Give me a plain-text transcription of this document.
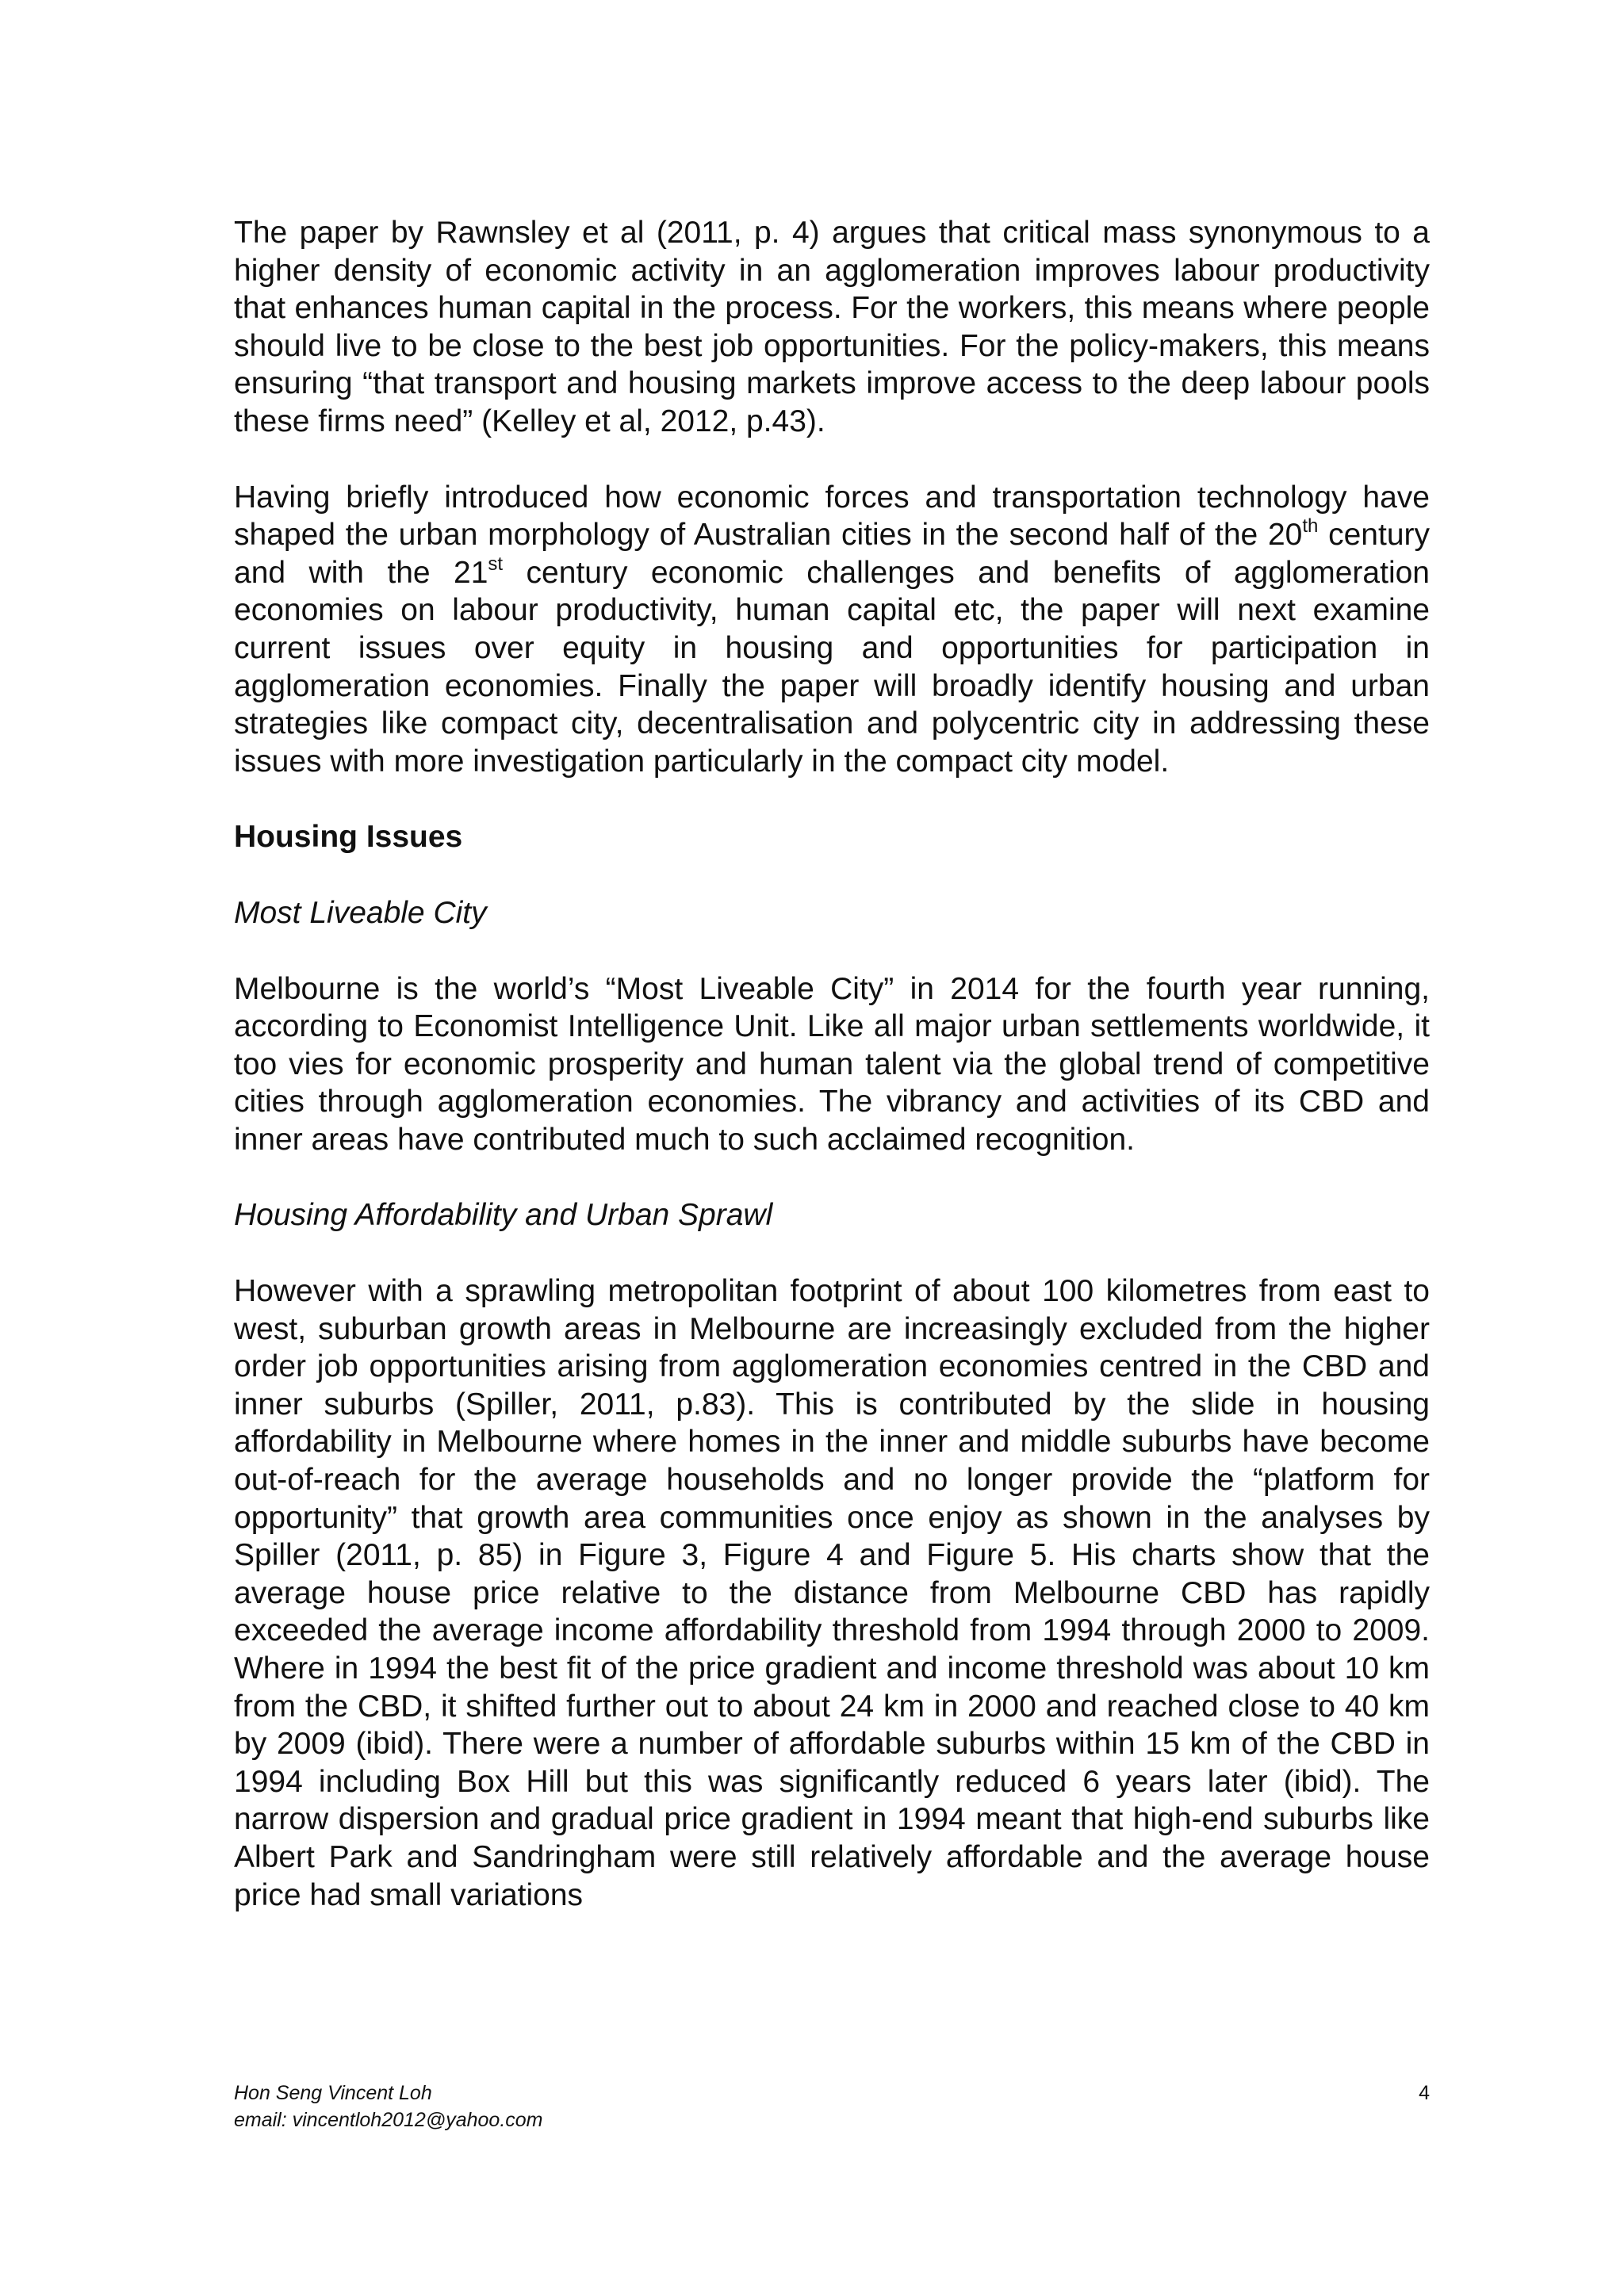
The paper by Rawnsley et al (2011, p. 4) argues that critical mass synonymous to a higher density of economic activity in an agglomeration improves labour productivity that enhances human capital in the process. For the workers, this means where people should live to be close to the best job opportunities. For the policy-makers, this means ensuring “that transport and housing markets improve access to the deep labour pools these firms need” (Kelley et al, 2012, p.43).

Having briefly introduced how economic forces and transportation technology have shaped the urban morphology of Australian cities in the second half of the 20th century and with the 21st century economic challenges and benefits of agglomeration economies on labour productivity, human capital etc, the paper will next examine current issues over equity in housing and opportunities for participation in agglomeration economies. Finally the paper will broadly identify housing and urban strategies like compact city, decentralisation and polycentric city in addressing these issues with more investigation particularly in the compact city model.

Housing Issues
Most Liveable City

Melbourne is the world’s “Most Liveable City” in 2014 for the fourth year running, according to Economist Intelligence Unit. Like all major urban settlements worldwide, it too vies for economic prosperity and human talent via the global trend of competitive cities through agglomeration economies. The vibrancy and activities of its CBD and inner areas have contributed much to such acclaimed recognition.

Housing Affordability and Urban Sprawl

However with a sprawling metropolitan footprint of about 100 kilometres from east to west, suburban growth areas in Melbourne are increasingly excluded from the higher order job opportunities arising from agglomeration economies centred in the CBD and inner suburbs (Spiller, 2011, p.83). This is contributed by the slide in housing affordability in Melbourne where homes in the inner and middle suburbs have become out-of-reach for the average households and no longer provide the “platform for opportunity” that growth area communities once enjoy as shown in the analyses by Spiller (2011, p. 85) in Figure 3, Figure 4 and Figure 5. His charts show that the average house price relative to the distance from Melbourne CBD has rapidly exceeded the average income affordability threshold from 1994 through 2000 to 2009. Where in 1994 the best fit of the price gradient and income threshold was about 10 km from the CBD, it shifted further out to about 24 km in 2000 and reached close to 40 km by 2009 (ibid). There were a number of affordable suburbs within 15 km of the CBD in 1994 including Box Hill but this was significantly reduced 6 years later (ibid). The narrow dispersion and gradual price gradient in 1994 meant that high-end suburbs like Albert Park and Sandringham were still relatively affordable and the average house price had small variations

Hon Seng Vincent Loh
email: vincentloh2012@yahoo.com
4
